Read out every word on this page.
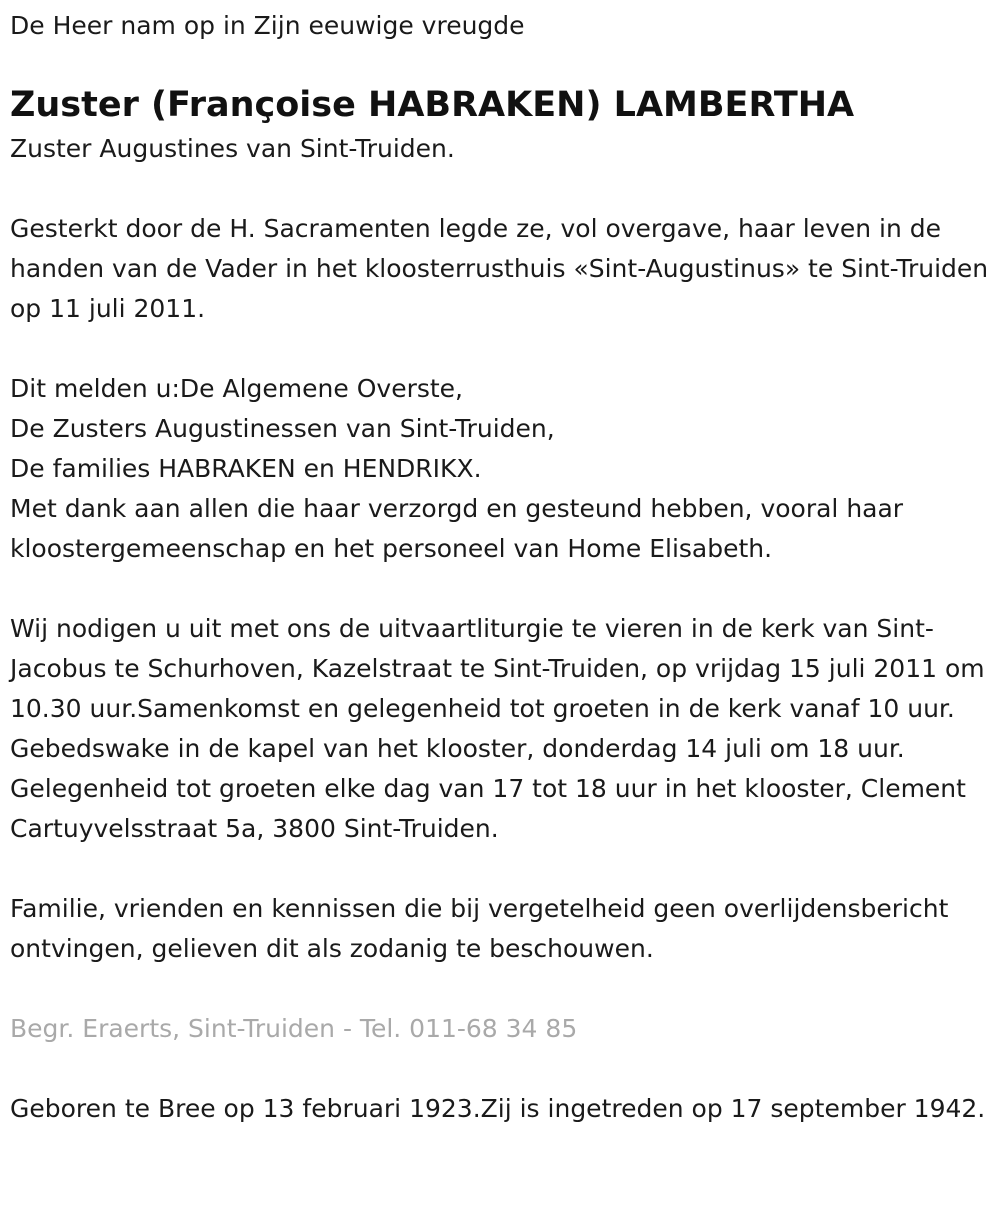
De Heer nam op in Zijn eeuwige vreugde

Zuster (Françoise HABRAKEN) LAMBERTHA

Zuster Augustines van Sint-Truiden.

Gesterkt door de H. Sacramenten legde ze, vol overgave, haar leven in de handen van de Vader in het kloosterrusthuis «Sint-Augustinus» te Sint-Truiden op 11 juli 2011.

Dit melden u:De Algemene Overste,

De Zusters Augustinessen van Sint-Truiden,

De families HABRAKEN en HENDRIKX.

Met dank aan allen die haar verzorgd en gesteund hebben, vooral haar kloostergemeenschap en het personeel van Home Elisabeth.

Wij nodigen u uit met ons de uitvaartliturgie te vieren in de kerk van Sint-Jacobus te Schurhoven, Kazelstraat te Sint-Truiden, op vrijdag 15 juli 2011 om 10.30 uur.Samenkomst en gelegenheid tot groeten in de kerk vanaf 10 uur.

Gebedswake in de kapel van het klooster, donderdag 14 juli om 18 uur.

Gelegenheid tot groeten elke dag van 17 tot 18 uur in het klooster, Clement Cartuyvelsstraat 5a, 3800 Sint-Truiden.

Familie, vrienden en kennissen die bij vergetelheid geen overlijdensbericht ontvingen, gelieven dit als zodanig te beschouwen.

Begr. Eraerts, Sint-Truiden - Tel. 011-68 34 85

Geboren te Bree op 13 februari 1923.Zij is ingetreden op 17 september 1942.
